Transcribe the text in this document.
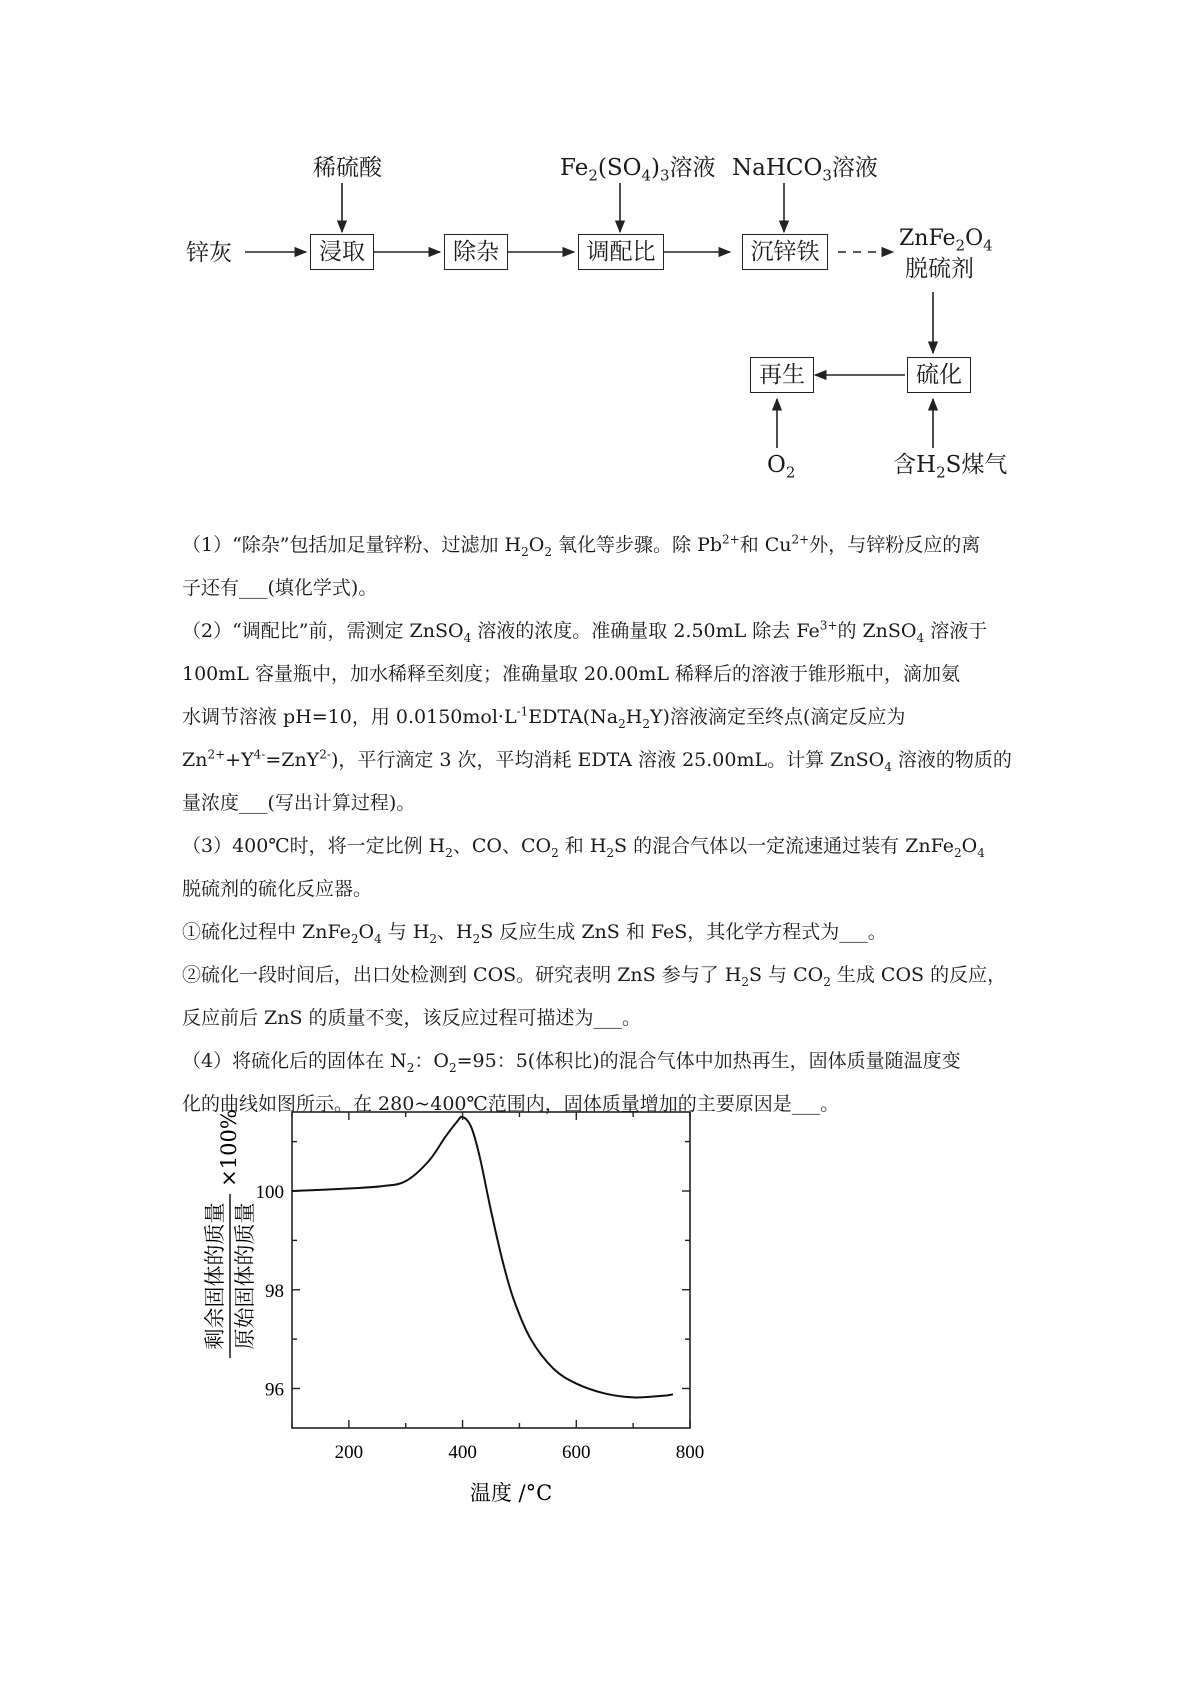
稀硫酸	$Fe_2(SO_4)_3$溶液 NaHCO$_3$溶液
锌灰	浸取	除杂	调配比	沉锌铁
$ZnFe_2O_4$
脱硫剂
硫化
再生
$O_2$	含$H_2S$煤气
（1）“除杂”包括加足量锌粉、过滤加 $H_2O_2$ 氧化等步骤。除 $Pb^{2+}$和 $Cu^{2+}$外，与锌粉反应的离
子还有___(填化学式)。
（2）“调配比”前，需测定 ZnSO$_4$ 溶液的浓度。准确量取 2.50mL 除去 $Fe^{3+}$的 ZnSO$_4$ 溶液于
100mL 容量瓶中，加水稀释至刻度；准确量取 20.00mL 稀释后的溶液于锥形瓶中，滴加氨
水调节溶液 pH=10，用 $0.0150mol\cdot L^{-1}EDTA(Na_2H_2Y)$溶液滴定至终点(滴定反应为
$Zn^{2+}+Y^{4-}=ZnY^{2-}$)，平行滴定 3 次，平均消耗 EDTA 溶液 25.00mL。计算 ZnSO$_4$ 溶液的物质的
量浓度___(写出计算过程)。
（3）400℃时，将一定比例 $H_2$、CO、$CO_2$ 和 $H_2S$ 的混合气体以一定流速通过装有 $ZnFe_2O_4$
脱硫剂的硫化反应器。
①硫化过程中 $ZnFe_2O_4$ 与 $H_2$、$H_2S$ 反应生成 ZnS 和 FeS，其化学方程式为___。
②硫化一段时间后，出口处检测到 COS。研究表明 ZnS 参与了 $H_2S$ 与 $CO_2$ 生成 COS 的反应，
反应前后 ZnS 的质量不变，该反应过程可描述为___。
（4）将硫化后的固体在 $N_2$：$O_2=95$：5(体积比)的混合气体中加热再生，固体质量随温度变
化的曲线如图所示。在 280~400℃范围内，固体质量增加的主要原因是___。
200	400	600	800
96
98
100
温度 /°C
剩余固体的质量 原始固体的质量
×100%
